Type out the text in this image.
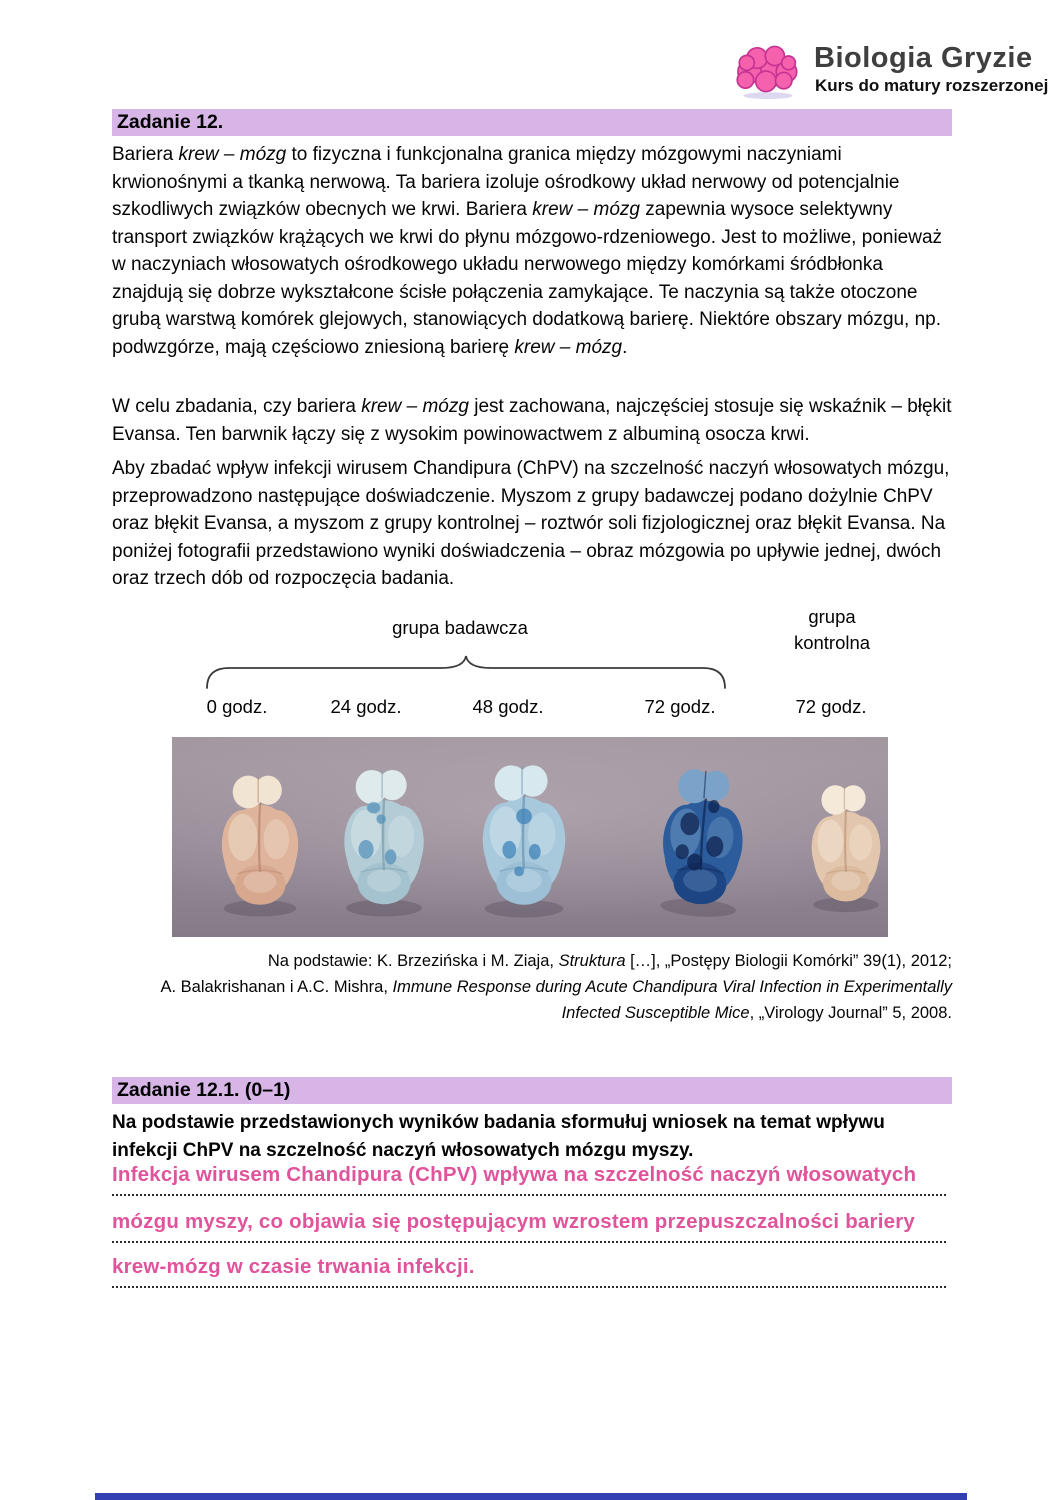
Biologia Gryzie
Kurs do matury rozszerzonej
Zadanie 12.

Bariera krew – mózg to fizyczna i funkcjonalna granica między mózgowymi naczyniami krwionośnymi a tkanką nerwową. Ta bariera izoluje ośrodkowy układ nerwowy od potencjalnie szkodliwych związków obecnych we krwi. Bariera krew – mózg zapewnia wysoce selektywny transport związków krążących we krwi do płynu mózgowo-rdzeniowego. Jest to możliwe, ponieważ w naczyniach włosowatych ośrodkowego układu nerwowego między komórkami śródbłonka znajdują się dobrze wykształcone ścisłe połączenia zamykające. Te naczynia są także otoczone grubą warstwą komórek glejowych, stanowiących dodatkową barierę. Niektóre obszary mózgu, np. podwzgórze, mają częściowo zniesioną barierę krew – mózg.

W celu zbadania, czy bariera krew – mózg jest zachowana, najczęściej stosuje się wskaźnik – błękit Evansa. Ten barwnik łączy się z wysokim powinowactwem z albuminą osocza krwi.

Aby zbadać wpływ infekcji wirusem Chandipura (ChPV) na szczelność naczyń włosowatych mózgu, przeprowadzono następujące doświadczenie. Myszom z grupy badawczej podano dożylnie ChPV oraz błękit Evansa, a myszom z grupy kontrolnej – roztwór soli fizjologicznej oraz błękit Evansa. Na poniżej fotografii przedstawiono wyniki doświadczenia – obraz mózgowia po upływie jednej, dwóch oraz trzech dób od rozpoczęcia badania.

grupa badawcza
grupa
kontrolna
0 godz.	24 godz.	48 godz.	72 godz.	72 godz.
Na podstawie: K. Brzezińska i M. Ziaja, Struktura […], „Postępy Biologii Komórki” 39(1), 2012;
A. Balakrishanan i A.C. Mishra, Immune Response during Acute Chandipura Viral Infection in Experimentally
Infected Susceptible Mice, „Virology Journal” 5, 2008.
Zadanie 12.1. (0–1)

Na podstawie przedstawionych wyników badania sformułuj wniosek na temat wpływu infekcji ChPV na szczelność naczyń włosowatych mózgu myszy.

Infekcja wirusem Chandipura (ChPV) wpływa na szczelność naczyń włosowatych
mózgu myszy, co objawia się postępującym wzrostem przepuszczalności bariery
krew-mózg w czasie trwania infekcji.
